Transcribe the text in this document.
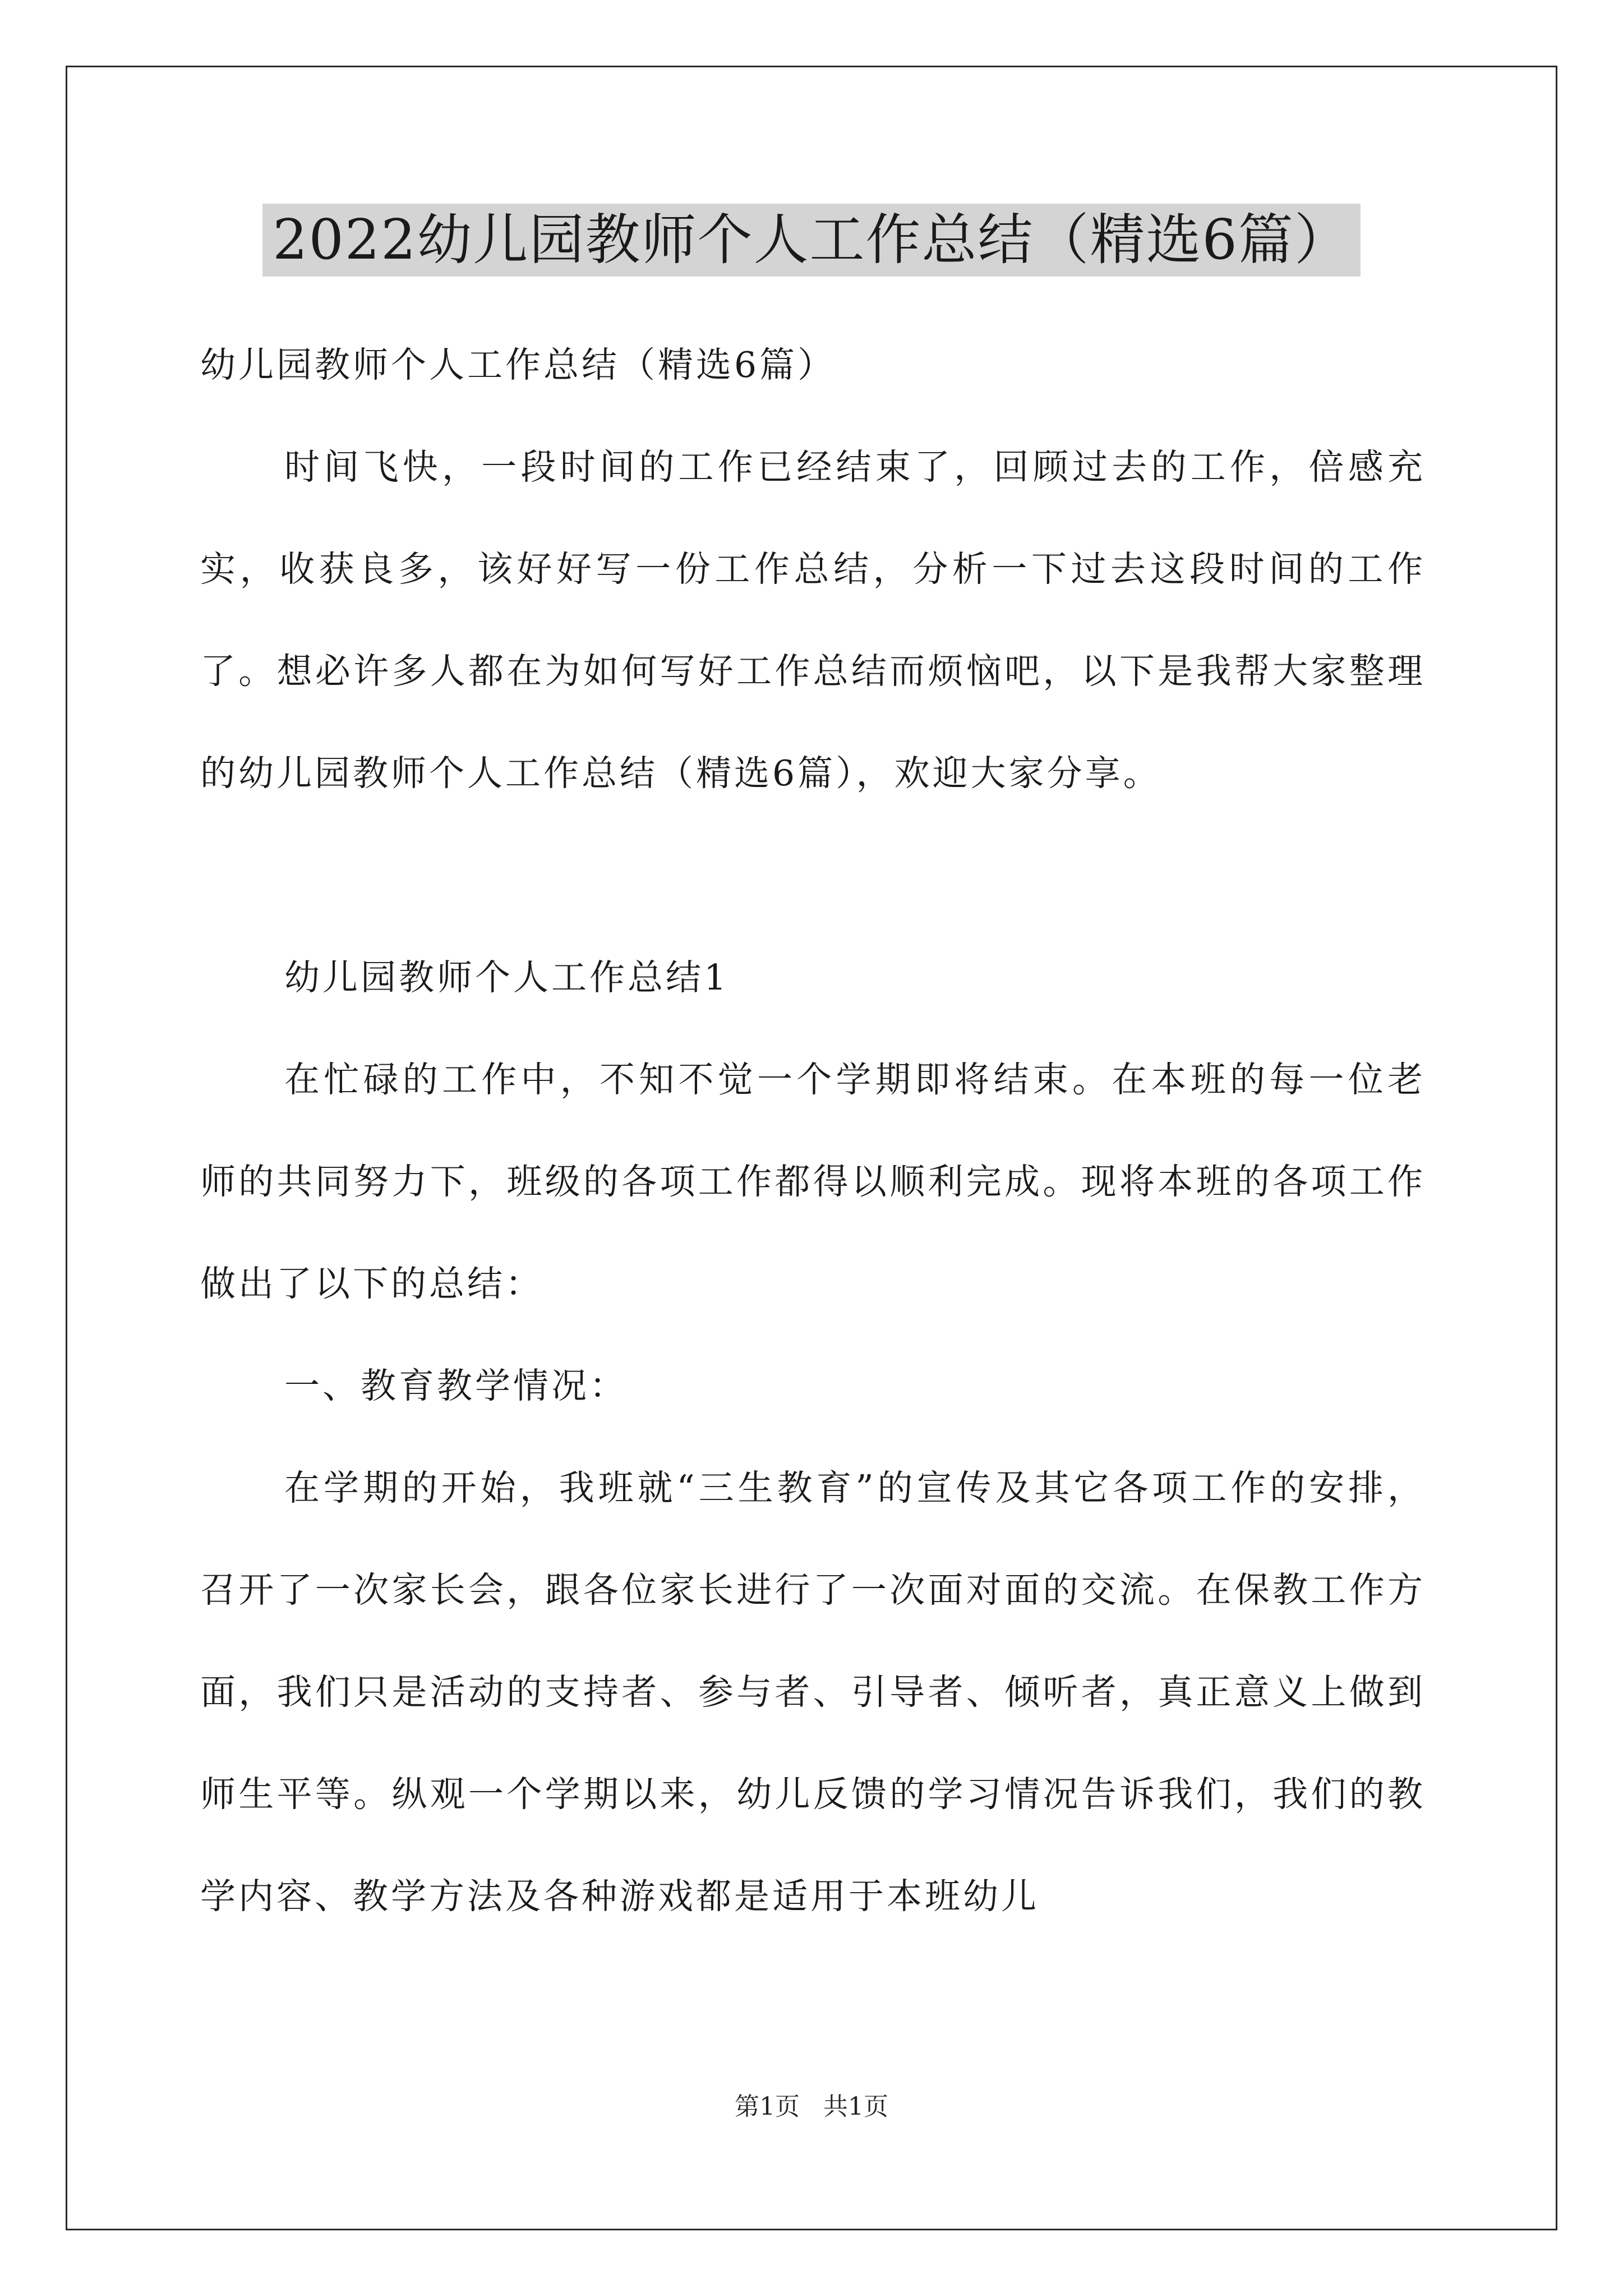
2022幼儿园教师个人工作总结（精选6篇）

幼儿园教师个人工作总结（精选6篇）

时间飞快，一段时间的工作已经结束了，回顾过去的工作，倍感充实，收获良多，该好好写一份工作总结，分析一下过去这段时间的工作了。想必许多人都在为如何写好工作总结而烦恼吧，以下是我帮大家整理的幼儿园教师个人工作总结（精选6篇），欢迎大家分享。

幼儿园教师个人工作总结1

在忙碌的工作中，不知不觉一个学期即将结束。在本班的每一位老师的共同努力下，班级的各项工作都得以顺利完成。现将本班的各项工作做出了以下的总结：

一、教育教学情况：

在学期的开始，我班就“三生教育”的宣传及其它各项工作的安排，召开了一次家长会，跟各位家长进行了一次面对面的交流。在保教工作方面，我们只是活动的支持者、参与者、引导者、倾听者，真正意义上做到师生平等。纵观一个学期以来，幼儿反馈的学习情况告诉我们，我们的教学内容、教学方法及各种游戏都是适用于本班幼儿

第1页   共1页
